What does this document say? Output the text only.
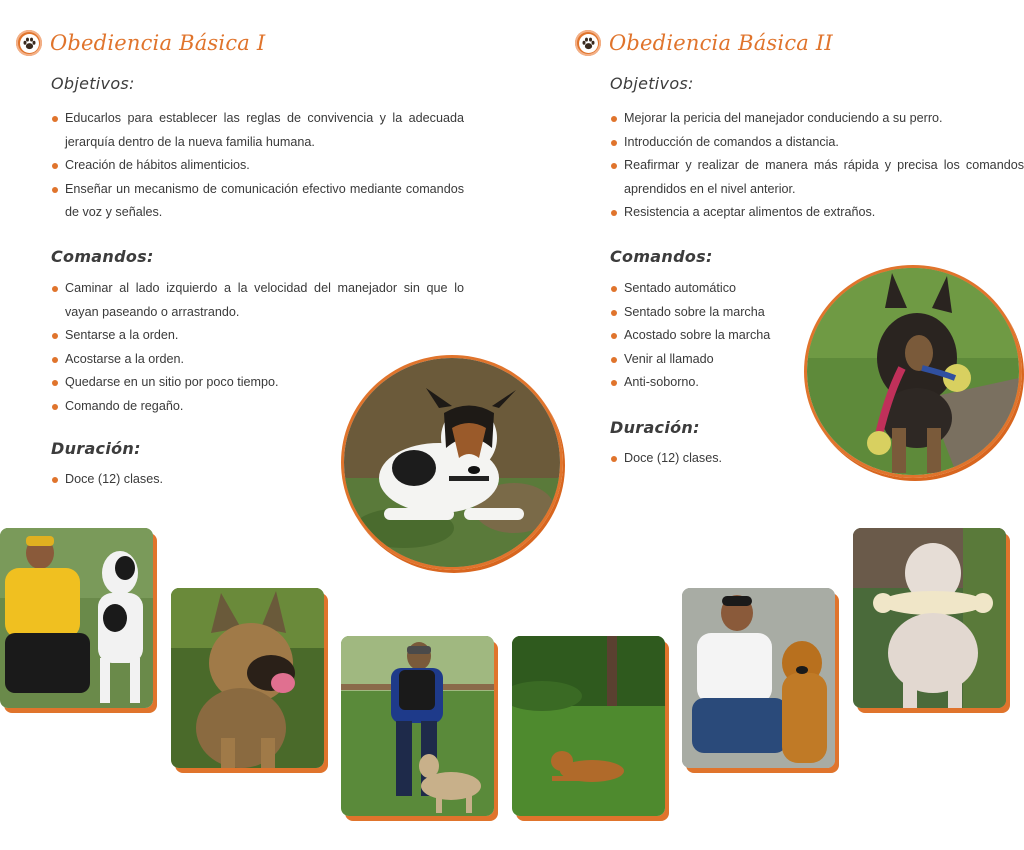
Obediencia Básica I
Objetivos:
Educarlos para establecer las reglas de convivencia y la adecuada jerarquía dentro de la nueva familia humana.
Creación de hábitos alimenticios.
Enseñar un mecanismo de comunicación efectivo mediante comandos de voz y señales.
Comandos:
Caminar al lado izquierdo a la velocidad del manejador sin que lo vayan paseando o arrastrando.
Sentarse a la orden.
Acostarse a la orden.
Quedarse en un sitio por poco tiempo.
Comando de regaño.
Duración:
Doce (12) clases.
Obediencia Básica II
Objetivos:
Mejorar la pericia del manejador conduciendo a su perro.
Introducción de comandos a distancia.
Reafirmar y realizar de manera más rápida y precisa los comandos aprendidos en el nivel anterior.
Resistencia a aceptar alimentos de extraños.
Comandos:
Sentado automático
Sentado sobre la marcha
Acostado sobre la marcha
Venir al llamado
Anti-soborno.
Duración:
Doce (12) clases.
